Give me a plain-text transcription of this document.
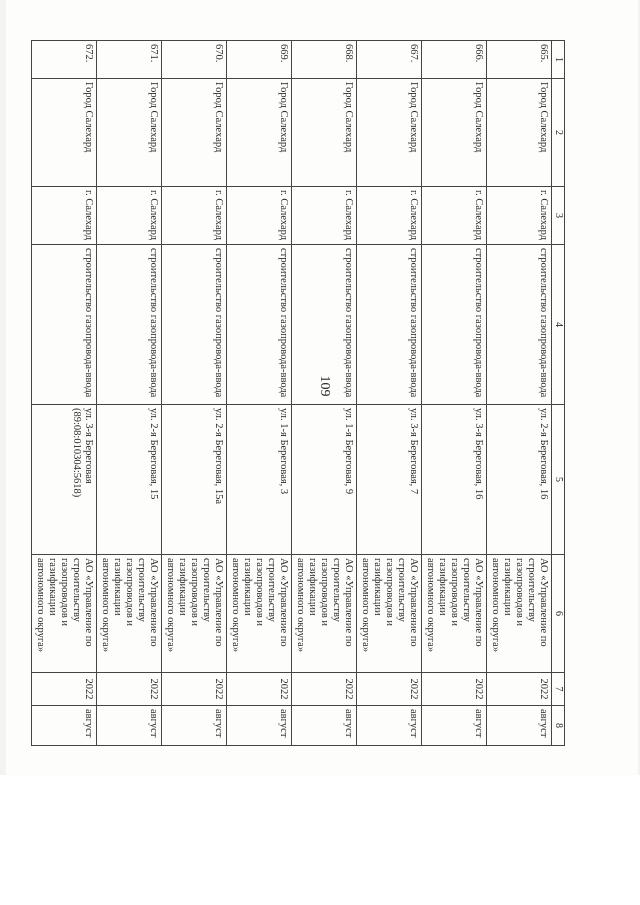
109
1	2	3	4	5	6	7	8
665.	Город Салехард	г. Салехард	строительство газопровода-ввода	ул. 2-я Береговая, 16	АО «Управление по строительству газопроводов и газификации автономного округа»	2022	август
666.	Город Салехард	г. Салехард	строительство газопровода-ввода	ул. 3-я Береговая, 16	АО «Управление по строительству газопроводов и газификации автономного округа»	2022	август
667.	Город Салехард	г. Салехард	строительство газопровода-ввода	ул. 3-я Береговая, 7	АО «Управление по строительству газопроводов и газификации автономного округа»	2022	август
668.	Город Салехард	г. Салехард	строительство газопровода-ввода	ул. 1-я Береговая, 9	АО «Управление по строительству газопроводов и газификации автономного округа»	2022	август
669.	Город Салехард	г. Салехард	строительство газопровода-ввода	ул. 1-я Береговая, 3	АО «Управление по строительству газопроводов и газификации автономного округа»	2022	август
670.	Город Салехард	г. Салехард	строительство газопровода-ввода	ул. 2-я Береговая, 15а	АО «Управление по строительству газопроводов и газификации автономного округа»	2022	август
671.	Город Салехард	г. Салехард	строительство газопровода-ввода	ул. 2-я Береговая, 15	АО «Управление по строительству газопроводов и газификации автономного округа»	2022	август
672.	Город Салехард	г. Салехард	строительство газопровода-ввода	ул. 3-я Береговая (89:08:010304:5618)	АО «Управление по строительству газопроводов и газификации автономного округа»	2022	август
